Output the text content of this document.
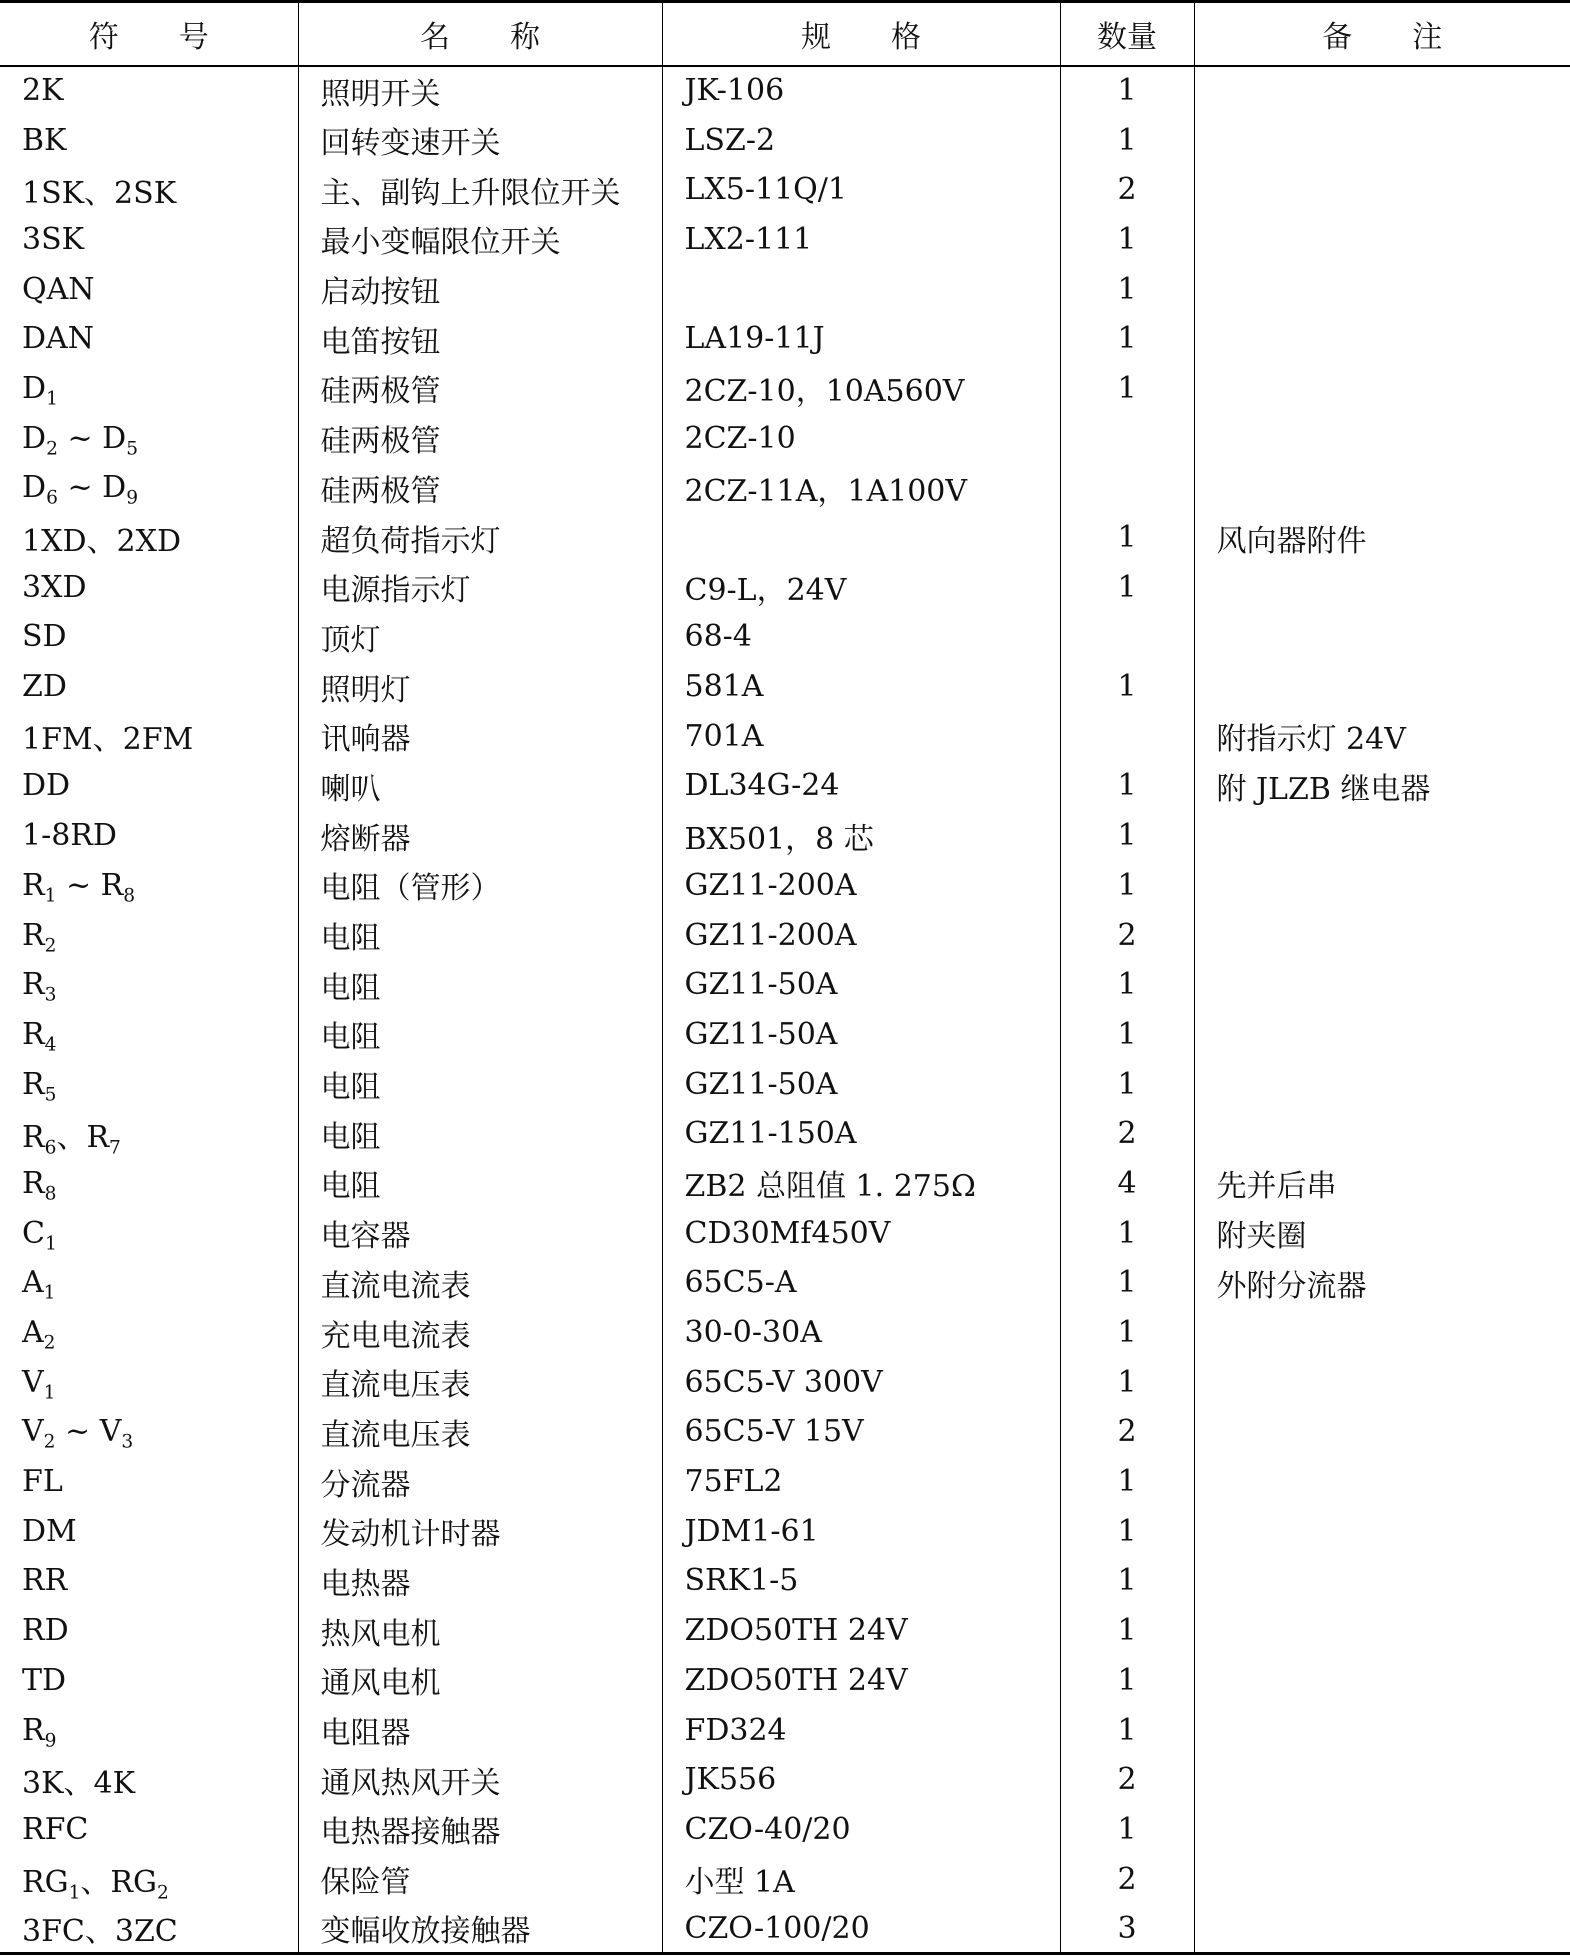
符　　号	名　　称	规　　格	数量	备　　注
2K	照明开关	JK-106	1	
BK	回转变速开关	LSZ-2	1	
1SK、2SK	主、副钩上升限位开关	LX5-11Q/1	2	
3SK	最小变幅限位开关	LX2-111	1	
QAN	启动按钮		1	
DAN	电笛按钮	LA19-11J	1	
$D_1$	硅两极管	2CZ-10，10A560V	1	
$D_2$ ~ $D_5$	硅两极管	2CZ-10		
$D_6$ ~ $D_9$	硅两极管	2CZ-11A，1A100V		
1XD、2XD	超负荷指示灯		1	风向器附件
3XD	电源指示灯	C9-L，24V	1	
SD	顶灯	68-4		
ZD	照明灯	581A	1	
1FM、2FM	讯响器	701A		附指示灯 24V
DD	喇叭	DL34G-24	1	附 JLZB 继电器
1-8RD	熔断器	BX501，8 芯	1	
$R_1$ ~ $R_8$	电阻（管形）	GZ11-200A	1	
$R_2$	电阻	GZ11-200A	2	
$R_3$	电阻	GZ11-50A	1	
$R_4$	电阻	GZ11-50A	1	
$R_5$	电阻	GZ11-50A	1	
$R_6$、$R_7$	电阻	GZ11-150A	2	
$R_8$	电阻	ZB2 总阻值 1. 275Ω	4	先并后串
$C_1$	电容器	CD30Mf450V	1	附夹圈
$A_1$	直流电流表	65C5-A	1	外附分流器
$A_2$	充电电流表	30-0-30A	1	
$V_1$	直流电压表	65C5-V 300V	1	
$V_2$ ~ $V_3$	直流电压表	65C5-V 15V	2	
FL	分流器	75FL2	1	
DM	发动机计时器	JDM1-61	1	
RR	电热器	SRK1-5	1	
RD	热风电机	ZDO50TH 24V	1	
TD	通风电机	ZDO50TH 24V	1	
$R_9$	电阻器	FD324	1	
3K、4K	通风热风开关	JK556	2	
RFC	电热器接触器	CZO-40/20	1	
$RG_1$、$RG_2$	保险管	小型 1A	2	
3FC、3ZC	变幅收放接触器	CZO-100/20	3	
